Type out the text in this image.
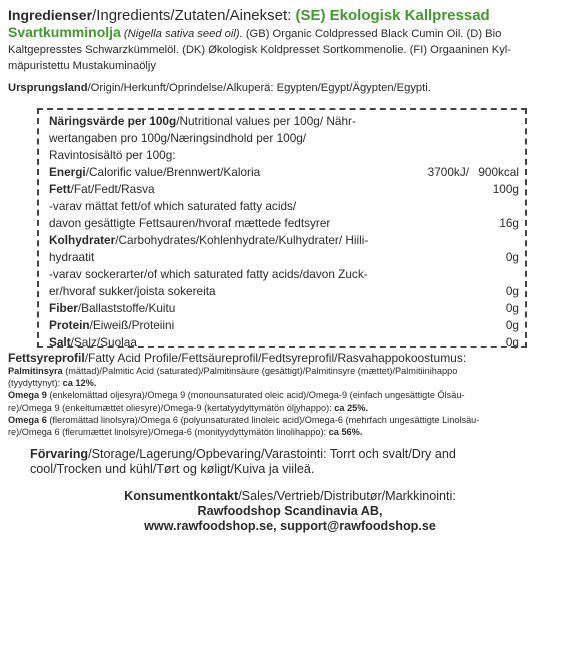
Ingredienser/Ingredients/Zutaten/Ainekset: (SE) Ekologisk Kallpressad
Svartkumminolja (Nigella sativa seed oil). (GB) Organic Coldpressed Black Cumin Oil. (D) Bio
Kaltgepresstes Schwarzkümmelöl. (DK) Økologisk Koldpresset Sortkommenolie. (FI) Orgaaninen Kyl-
mäpuristettu Mustakuminaöljy
Ursprungsland/Origin/Herkunft/Oprindelse/Alkuperä: Egypten/Egypt/Ägypten/Egypti.
Näringsvärde per 100g/Nutritional values per 100g/ Nähr-
wertangaben pro 100g/Næringsindhold per 100g/
Ravintosisältö per 100g:
Energi/Calorific value/Brennwert/Kaloria	3700kJ/ 900kcal
Fett/Fat/Fedt/Rasva	100g
-varav mättat fett/of which saturated fatty acids/
davon gesättigte Fettsauren/hvoraf mættede fedtsyrer	16g
Kolhydrater/Carbohydrates/Kohlenhydrate/Kulhydrater/ Hiili-
hydraatit	0g
-varav sockerarter/of which saturated fatty acids/davon Zuck-
er/hvoraf sukker/joista sokereita	0g
Fiber/Ballaststoffe/Kuitu	0g
Protein/Eiweiß/Proteiini	0g
Salt/Salz/Suolaa	0g
Fettsyreprofil/Fatty Acid Profile/Fettsäureprofil/Fedtsyreprofil/Rasvahappokoostumus:
Palmitinsyra (mättad)/Palmitic Acid (saturated)/Palmitinsäure (gesättigt)/Palmitinsyre (mættet)/Palmitiinihappo
(tyydyttynyt): ca 12%.
Omega 9 (enkelomättad oljesyra)/Omega 9 (monounsaturated oleic acid)/Omega-9 (einfach ungesättigte Ölsäu-
re)/Omega 9 (enkeltumættet oliesyre)/Omega-9 (kertatyydyttymätön öljyhappo): ca 25%.
Omega 6 (fleromättad linolsyra)/Omega 6 (polyunsaturated linoleic acid)/Omega-6 (mehrfach ungesättigte Linolsäu-
re)/Omega 6 (flerumættet linolsyre)/Omega-6 (monityydyttymätön linolihappo): ca 56%.
Förvaring/Storage/Lagerung/Opbevaring/Varastointi: Torrt och svalt/Dry and
cool/Trocken und kühl/Tørt og køligt/Kuiva ja viileä.
Konsumentkontakt/Sales/Vertrieb/Distributør/Markkinointi:
Rawfoodshop Scandinavia AB,
www.rawfoodshop.se, support@rawfoodshop.se
